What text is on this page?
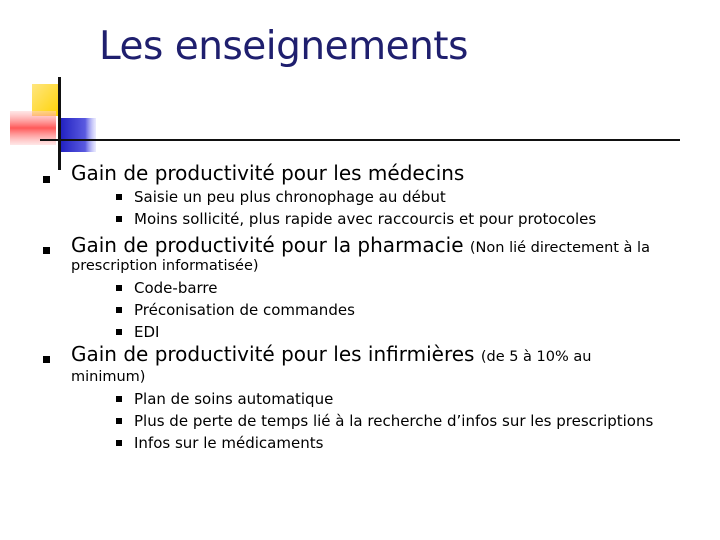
Les enseignements
Gain de productivité pour les médecins
Saisie un peu plus chronophage au début
Moins sollicité, plus rapide avec raccourcis et pour protocoles
Gain de productivité pour la pharmacie (Non lié directement à la
prescription informatisée)
Code-barre
Préconisation de commandes
EDI
Gain de productivité pour les infirmières (de 5 à 10% au
minimum)
Plan de soins automatique
Plus de perte de temps lié à la recherche d’infos sur les prescriptions
Infos sur le médicaments
